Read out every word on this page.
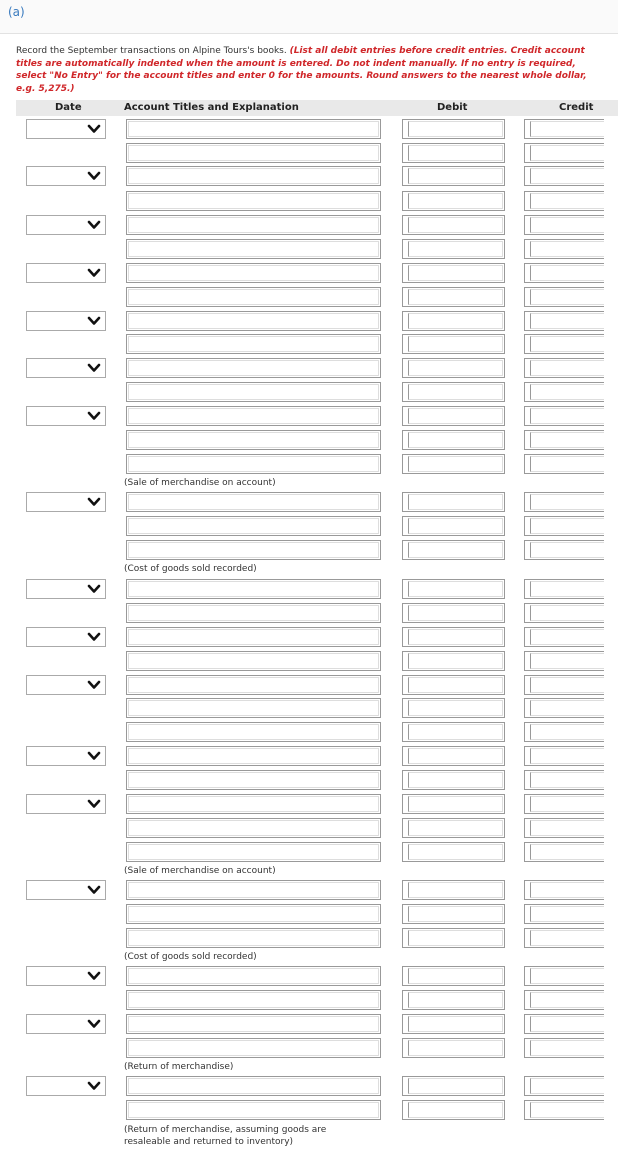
(a)
Record the September transactions on Alpine Tours's books. (List all debit entries before credit entries. Credit account titles are automatically indented when the amount is entered. Do not indent manually. If no entry is required, select "No Entry" for the account titles and enter 0 for the amounts. Round answers to the nearest whole dollar, e.g. 5,275.)
Date	Account Titles and Explanation	Debit	Credit
(Sale of merchandise on account)
(Cost of goods sold recorded)
(Sale of merchandise on account)
(Cost of goods sold recorded)
(Return of merchandise)
(Return of merchandise, assuming goods are resaleable and returned to inventory)
